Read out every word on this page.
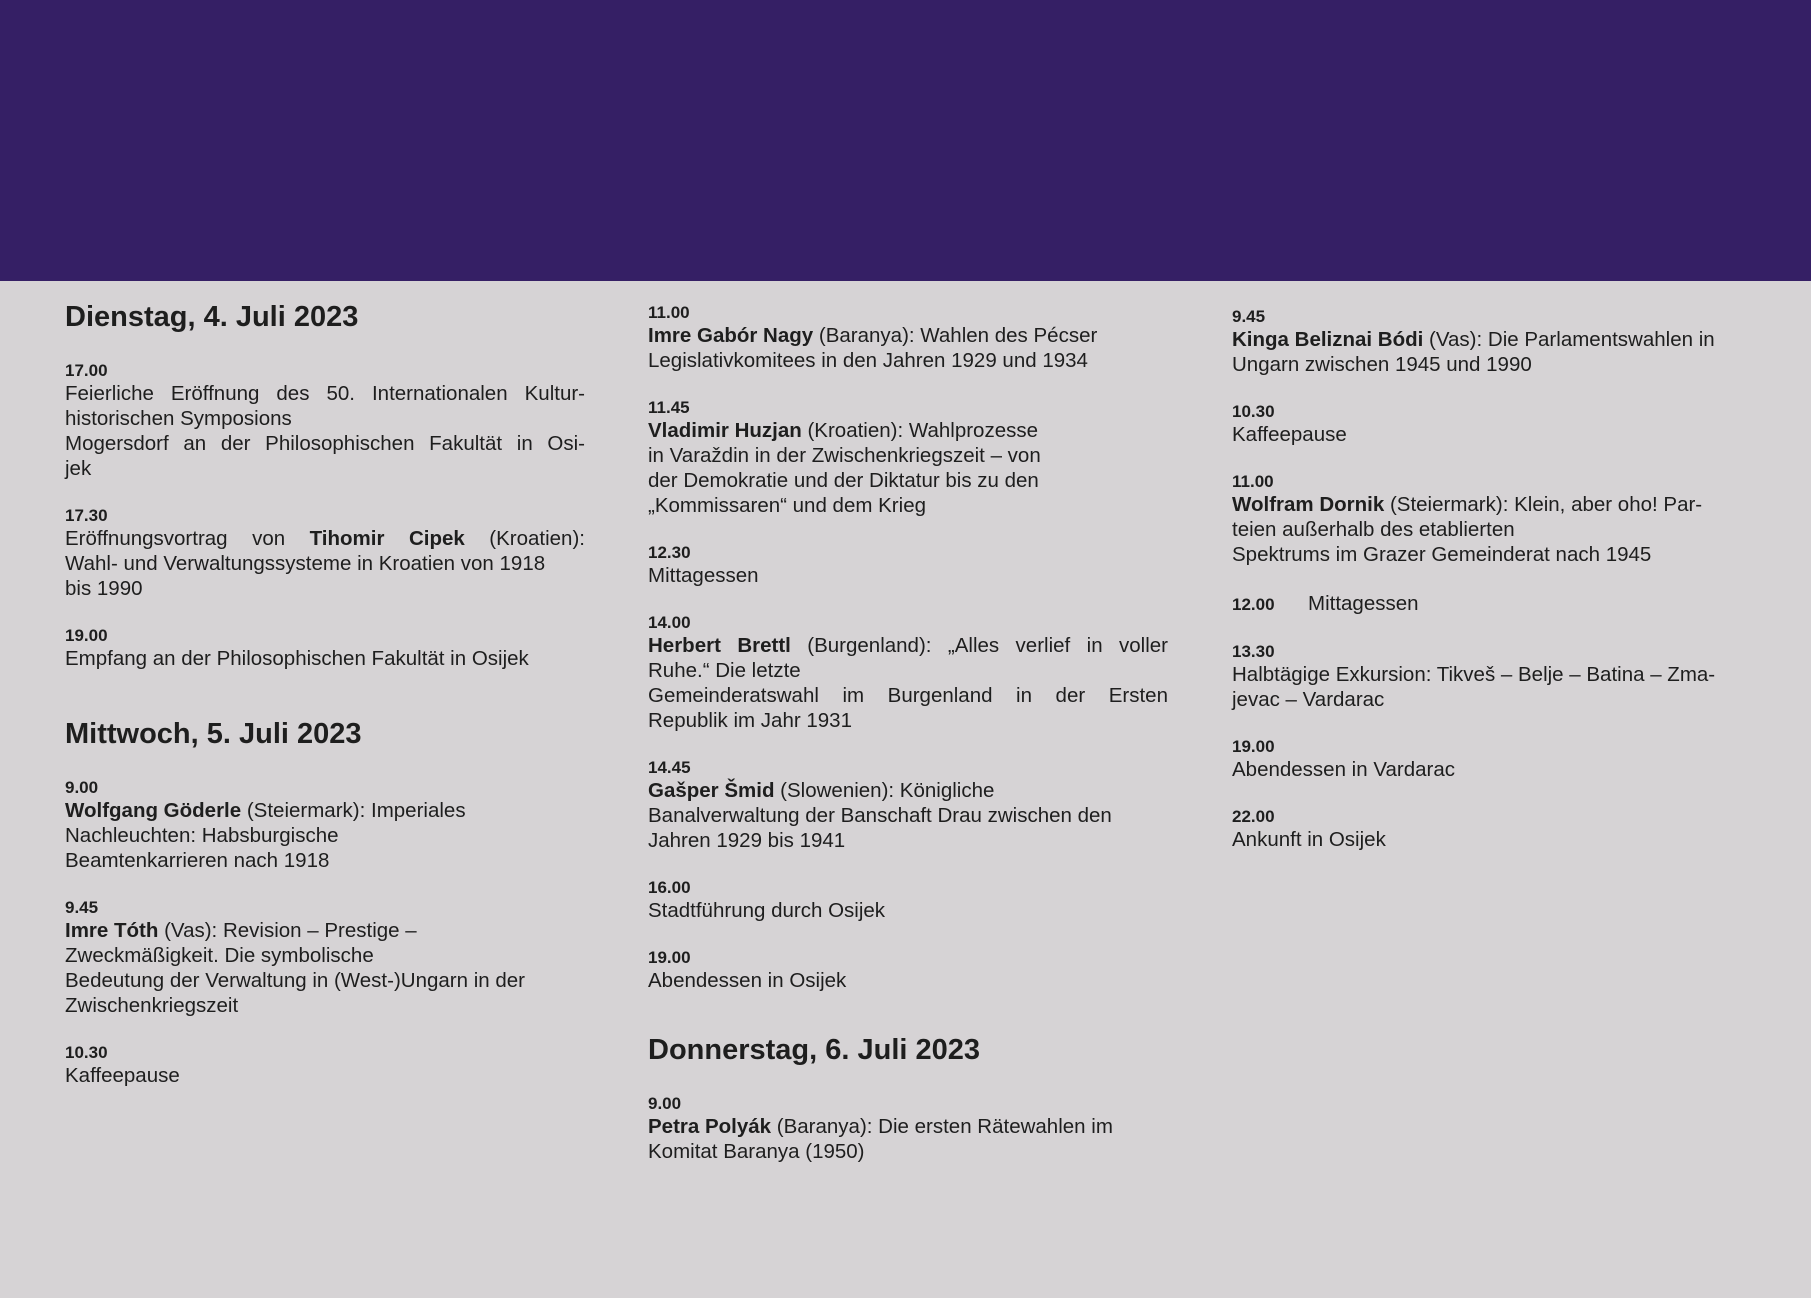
Dienstag, 4. Juli 2023
17.00
Feierliche Eröffnung des 50. Internationalen Kultur-
historischen Symposions
Mogersdorf an der Philosophischen Fakultät in Osi-
jek
17.30
Eröffnungsvortrag von Tihomir Cipek (Kroatien):
Wahl- und Verwaltungssysteme in Kroatien von 1918
bis 1990
19.00
Empfang an der Philosophischen Fakultät in Osijek
Mittwoch, 5. Juli 2023
9.00
Wolfgang Göderle (Steiermark): Imperiales
Nachleuchten: Habsburgische
Beamtenkarrieren nach 1918
9.45
Imre Tóth (Vas): Revision – Prestige –
Zweckmäßigkeit. Die symbolische
Bedeutung der Verwaltung in (West-)Ungarn in der
Zwischenkriegszeit
10.30
Kaffeepause
11.00
Imre Gabór Nagy (Baranya): Wahlen des Pécser
Legislativkomitees in den Jahren 1929 und 1934
11.45
Vladimir Huzjan (Kroatien): Wahlprozesse
in Varaždin in der Zwischenkriegszeit – von
der Demokratie und der Diktatur bis zu den
„Kommissaren“ und dem Krieg
12.30
Mittagessen
14.00
Herbert Brettl (Burgenland): „Alles verlief in voller
Ruhe.“ Die letzte
Gemeinderatswahl im Burgenland in der Ersten
Republik im Jahr 1931
14.45
Gašper Šmid (Slowenien): Königliche
Banalverwaltung der Banschaft Drau zwischen den
Jahren 1929 bis 1941
16.00
Stadtführung durch Osijek
19.00
Abendessen in Osijek
Donnerstag, 6. Juli 2023
9.00
Petra Polyák (Baranya): Die ersten Rätewahlen im
Komitat Baranya (1950)
9.45
Kinga Beliznai Bódi (Vas): Die Parlamentswahlen in
Ungarn zwischen 1945 und 1990
10.30
Kaffeepause
11.00
Wolfram Dornik (Steiermark): Klein, aber oho! Par-
teien außerhalb des etablierten
Spektrums im Grazer Gemeinderat nach 1945
12.00 Mittagessen
13.30
Halbtägige Exkursion: Tikveš – Belje – Batina – Zma-
jevac – Vardarac
19.00
Abendessen in Vardarac
22.00
Ankunft in Osijek
